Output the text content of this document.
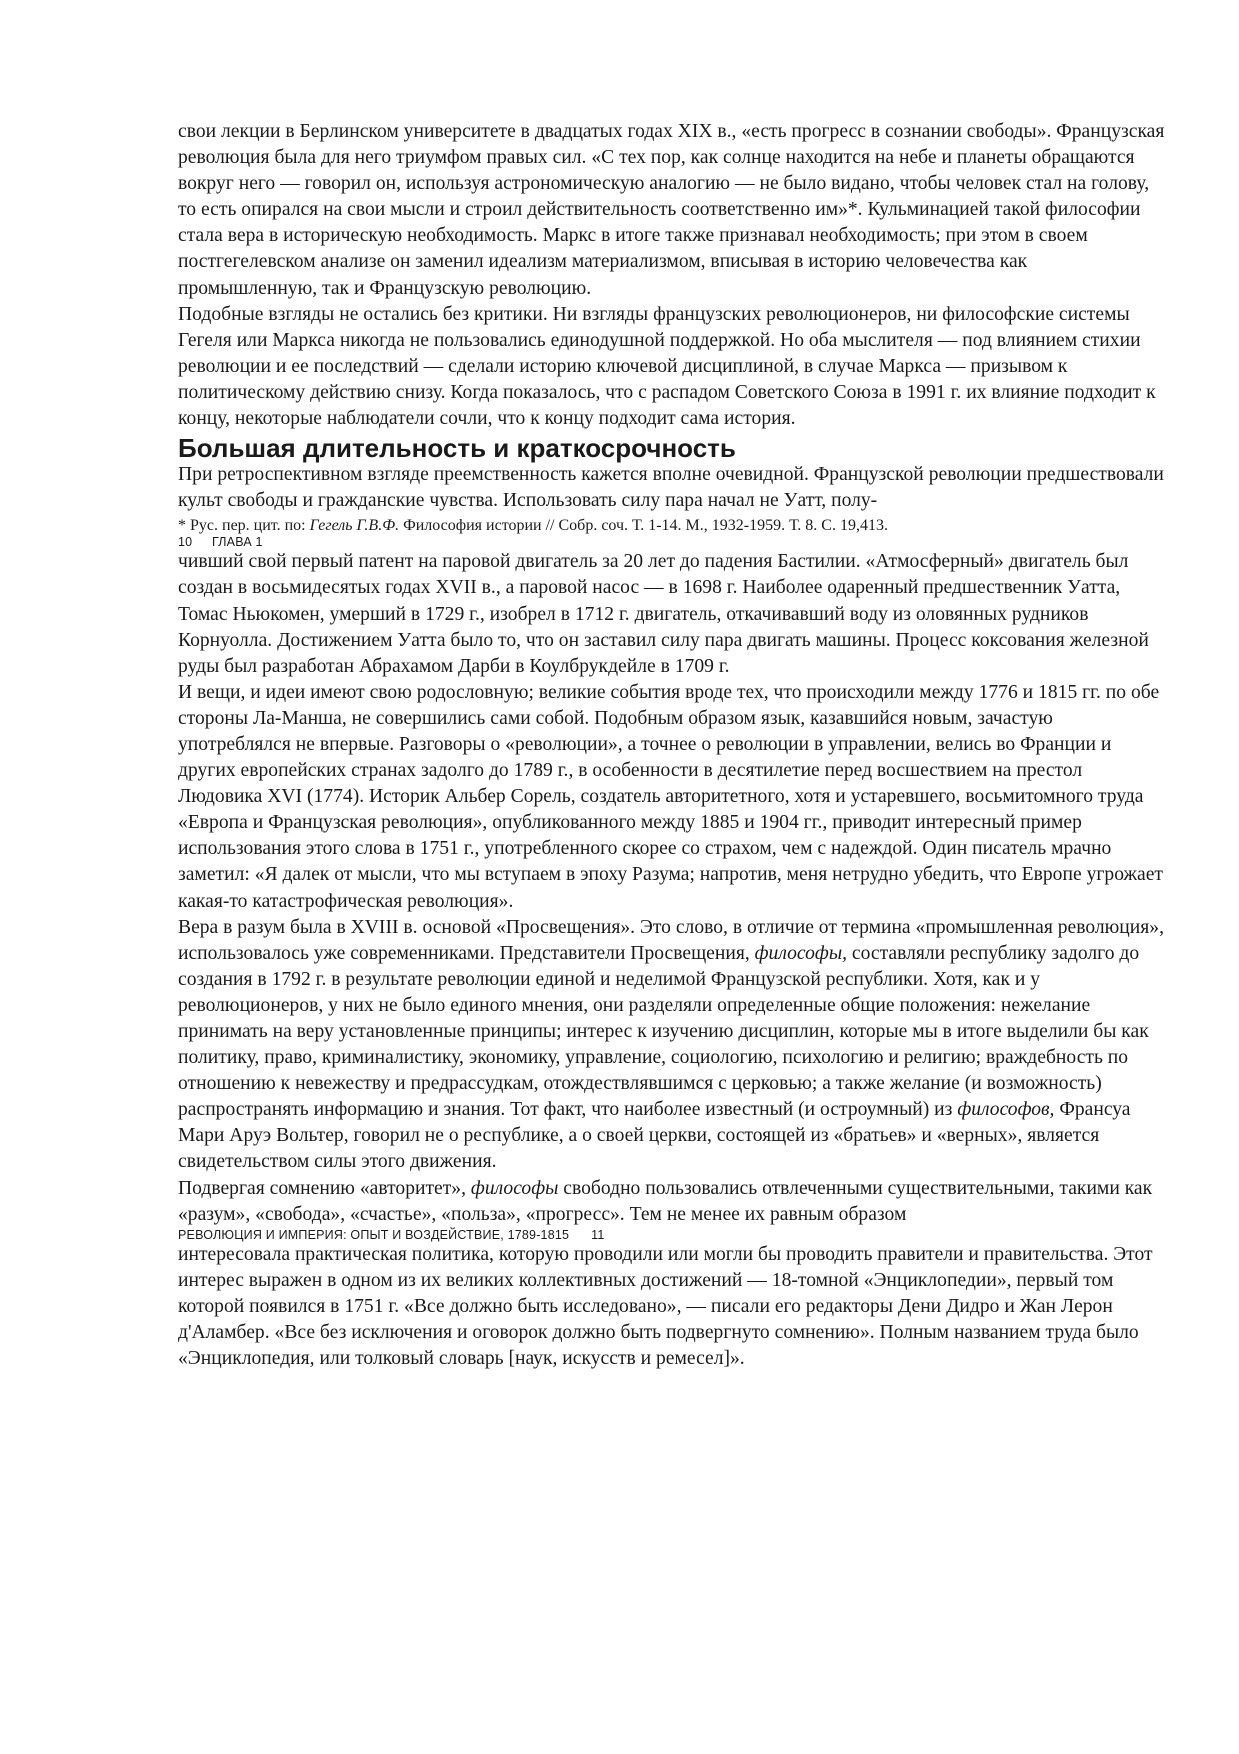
свои лекции в Берлинском университете в двадцатых годах XIX в., «есть прогресс в сознании свободы». Французская революция была для него триумфом правых сил. «С тех пор, как солнце находится на небе и планеты обращаются вокруг него — говорил он, используя астрономическую аналогию — не было видано, чтобы человек стал на голову, то есть опирался на свои мысли и строил действительность соответственно им»*. Кульминацией такой философии стала вера в историческую необходимость. Маркс в итоге также признавал необходимость; при этом в своем постгегелевском анализе он заменил идеализм материализмом, вписывая в историю человечества как промышленную, так и Французскую революцию.

Подобные взгляды не остались без критики. Ни взгляды французских революционеров, ни философские системы Гегеля или Маркса никогда не пользовались единодушной поддержкой. Но оба мыслителя — под влиянием стихии революции и ее последствий — сделали историю ключевой дисциплиной, в случае Маркса — призывом к политическому действию снизу. Когда показалось, что с распадом Советского Союза в 1991 г. их влияние подходит к концу, некоторые наблюдатели сочли, что к концу подходит сама история.

Большая длительность и краткосрочность

При ретроспективном взгляде преемственность кажется вполне очевидной. Французской революции предшествовали культ свободы и гражданские чувства. Использовать силу пара начал не Уатт, полу-

* Рус. пер. цит. по: Гегель Г.В.Ф. Философия истории // Собр. соч. Т. 1-14. М., 1932-1959. Т. 8. С. 19,413.

10 ГЛАВА 1

чивший свой первый патент на паровой двигатель за 20 лет до падения Бастилии. «Атмосферный» двигатель был создан в восьмидесятых годах XVII в., а паровой насос — в 1698 г. Наиболее одаренный предшественник Уатта, Томас Ньюкомен, умерший в 1729 г., изобрел в 1712 г. двигатель, откачивавший воду из оловянных рудников Корнуолла. Достижением Уатта было то, что он заставил силу пара двигать машины. Процесс коксования железной руды был разработан Абрахамом Дарби в Коулбрукдейле в 1709 г.

И вещи, и идеи имеют свою родословную; великие события вроде тех, что происходили между 1776 и 1815 гг. по обе стороны Ла-Манша, не совершились сами собой. Подобным образом язык, казавшийся новым, зачастую употреблялся не впервые. Разговоры о «революции», а точнее о революции в управлении, велись во Франции и других европейских странах задолго до 1789 г., в особенности в десятилетие перед восшествием на престол Людовика XVI (1774). Историк Альбер Сорель, создатель авторитетного, хотя и устаревшего, восьмитомного труда «Европа и Французская революция», опубликованного между 1885 и 1904 гг., приводит интересный пример использования этого слова в 1751 г., употребленного скорее со страхом, чем с надеждой. Один писатель мрачно заметил: «Я далек от мысли, что мы вступаем в эпоху Разума; напротив, меня нетрудно убедить, что Европе угрожает какая-то катастрофическая революция».

Вера в разум была в XVIII в. основой «Просвещения». Это слово, в отличие от термина «промышленная революция», использовалось уже современниками. Представители Просвещения, философы, составляли республику задолго до создания в 1792 г. в результате революции единой и неделимой Французской республики. Хотя, как и у революционеров, у них не было единого мнения, они разделяли определенные общие положения: нежелание принимать на веру установленные принципы; интерес к изучению дисциплин, которые мы в итоге выделили бы как политику, право, криминалистику, экономику, управление, социологию, психологию и религию; враждебность по отношению к невежеству и предрассудкам, отождествлявшимся с церковью; а также желание (и возможность) распространять информацию и знания. Тот факт, что наиболее известный (и остроумный) из философов, Франсуа Мари Аруэ Вольтер, говорил не о республике, а о своей церкви, состоящей из «братьев» и «верных», является свидетельством силы этого движения.

Подвергая сомнению «авторитет», философы свободно пользовались отвлеченными существительными, такими как «разум», «свобода», «счастье», «польза», «прогресс». Тем не менее их равным образом

РЕВОЛЮЦИЯ И ИМПЕРИЯ: ОПЫТ И ВОЗДЕЙСТВИЕ, 1789-1815 11

интересовала практическая политика, которую проводили или могли бы проводить правители и правительства. Этот интерес выражен в одном из их великих коллективных достижений — 18-томной «Энциклопедии», первый том которой появился в 1751 г. «Все должно быть исследовано», — писали его редакторы Дени Дидро и Жан Лерон д'Аламбер. «Все без исключения и оговорок должно быть подвергнуто сомнению». Полным названием труда было «Энциклопедия, или толковый словарь [наук, искусств и ремесел]».
